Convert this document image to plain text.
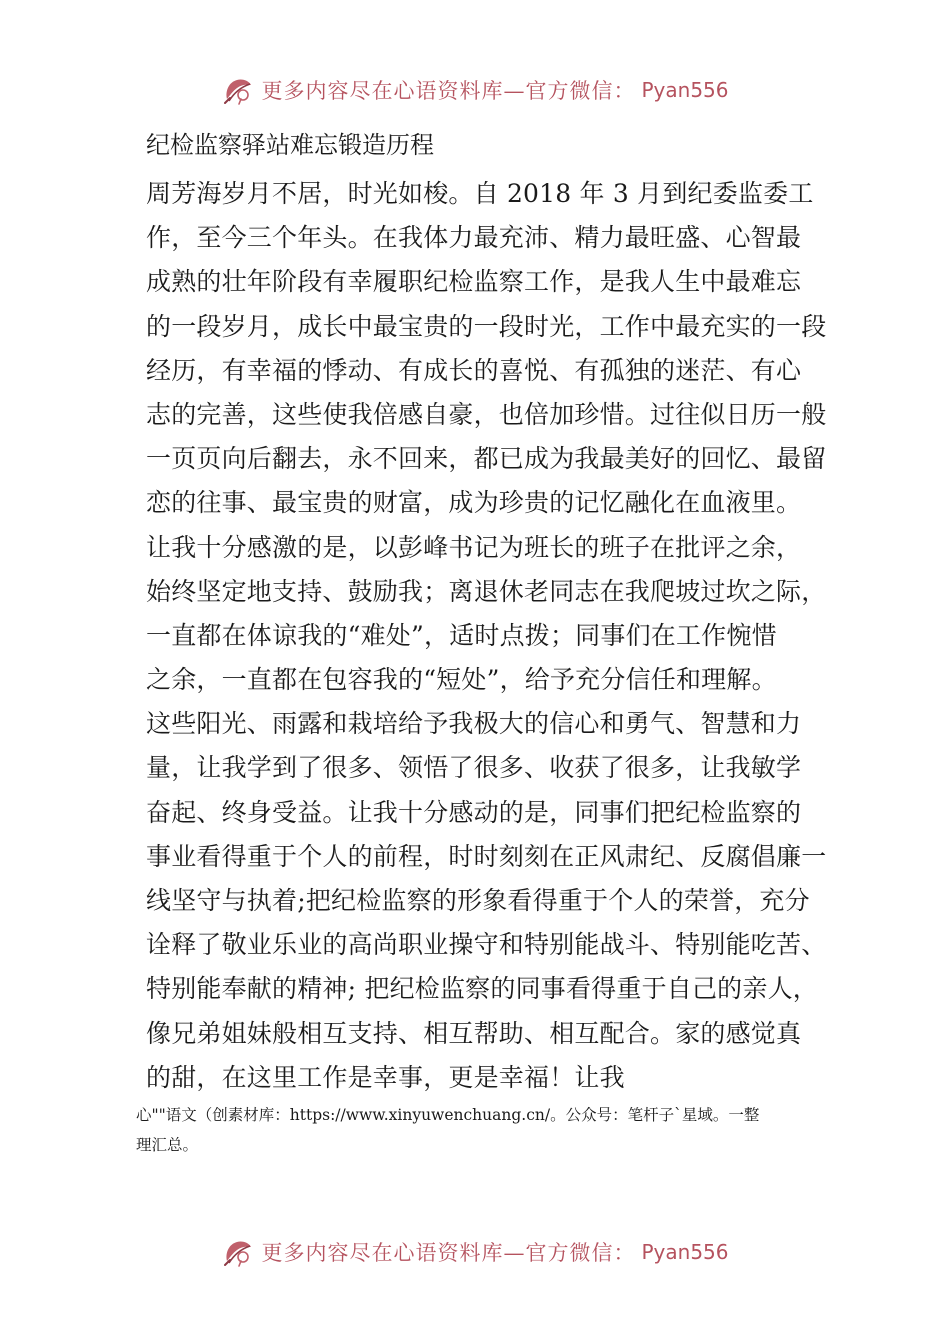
更多内容尽在心语资料库—官方微信： Pyan556
纪检监察驿站难忘锻造历程
周芳海岁月不居，时光如梭。自 2018 年 3 月到纪委监委工
作，至今三个年头。在我体力最充沛、精力最旺盛、心智最
成熟的壮年阶段有幸履职纪检监察工作，是我人生中最难忘
的一段岁月，成长中最宝贵的一段时光，工作中最充实的一段
经历，有幸福的悸动、有成长的喜悦、有孤独的迷茫、有心
志的完善，这些使我倍感自豪，也倍加珍惜。过往似日历一般
一页页向后翻去，永不回来，都已成为我最美好的回忆、最留
恋的往事、最宝贵的财富，成为珍贵的记忆融化在血液里。
让我十分感激的是，以彭峰书记为班长的班子在批评之余，
始终坚定地支持、鼓励我；离退休老同志在我爬坡过坎之际，
一直都在体谅我的“难处”，适时点拨；同事们在工作惋惜
之余，一直都在包容我的“短处”，给予充分信任和理解。
这些阳光、雨露和栽培给予我极大的信心和勇气、智慧和力
量，让我学到了很多、领悟了很多、收获了很多，让我敏学
奋起、终身受益。让我十分感动的是，同事们把纪检监察的
事业看得重于个人的前程，时时刻刻在正风肃纪、反腐倡廉一
线坚守与执着;把纪检监察的形象看得重于个人的荣誉，充分
诠释了敬业乐业的高尚职业操守和特别能战斗、特别能吃苦、
特别能奉献的精神; 把纪检监察的同事看得重于自己的亲人，
像兄弟姐妹般相互支持、相互帮助、相互配合。家的感觉真
的甜，在这里工作是幸事，更是幸福！让我
心""语文（创素材库：https://www.xinyuwenchuang.cn/。公众号：笔杆子`星域。一整
理汇总。
更多内容尽在心语资料库—官方微信： Pyan556
